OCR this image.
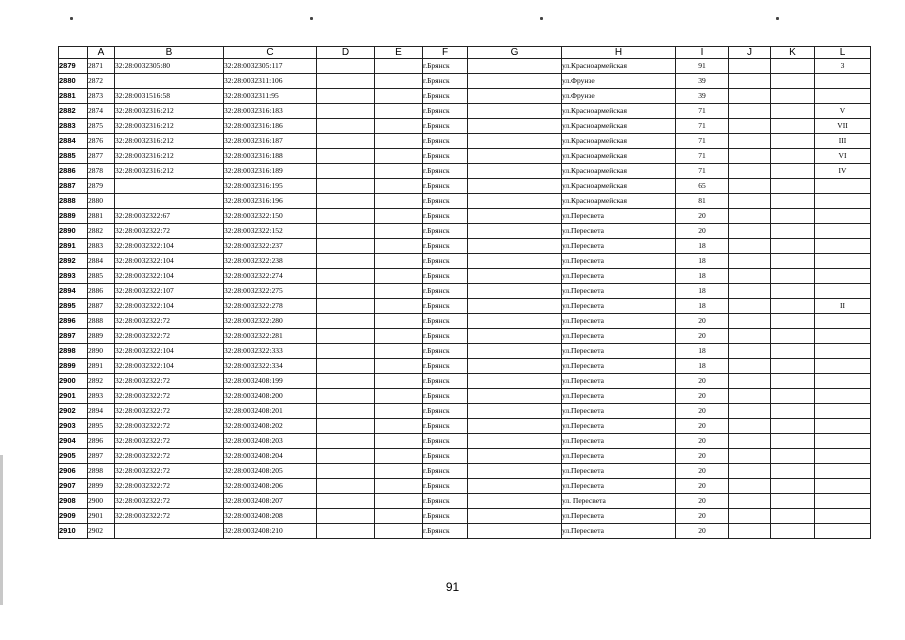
	A	B	C	D	E	F	G	H	I	J	K	L
2879	2871	32:28:0032305:80	32:28:0032305:117			г.Брянск		ул.Красноармейская	91			3
2880	2872		32:28:0032311:106			г.Брянск		ул.Фрунзе	39			
2881	2873	32:28:0031516:58	32:28:0032311:95			г.Брянск		ул.Фрунзе	39			
2882	2874	32:28:0032316:212	32:28:0032316:183			г.Брянск		ул.Красноармейская	71			V
2883	2875	32:28:0032316:212	32:28:0032316:186			г.Брянск		ул.Красноармейская	71			VII
2884	2876	32:28:0032316:212	32:28:0032316:187			г.Брянск		ул.Красноармейская	71			III
2885	2877	32:28:0032316:212	32:28:0032316:188			г.Брянск		ул.Красноармейская	71			VI
2886	2878	32:28:0032316:212	32:28:0032316:189			г.Брянск		ул.Красноармейская	71			IV
2887	2879		32:28:0032316:195			г.Брянск		ул.Красноармейская	65			
2888	2880		32:28:0032316:196			г.Брянск		ул.Красноармейская	81			
2889	2881	32:28:0032322:67	32:28:0032322:150			г.Брянск		ул.Пересвета	20			
2890	2882	32:28:0032322:72	32:28:0032322:152			г.Брянск		ул.Пересвета	20			
2891	2883	32:28:0032322:104	32:28:0032322:237			г.Брянск		ул.Пересвета	18			
2892	2884	32:28:0032322:104	32:28:0032322:238			г.Брянск		ул.Пересвета	18			
2893	2885	32:28:0032322:104	32:28:0032322:274			г.Брянск		ул.Пересвета	18			
2894	2886	32:28:0032322:107	32:28:0032322:275			г.Брянск		ул.Пересвета	18			
2895	2887	32:28:0032322:104	32:28:0032322:278			г.Брянск		ул.Пересвета	18			II
2896	2888	32:28:0032322:72	32:28:0032322:280			г.Брянск		ул.Пересвета	20			
2897	2889	32:28:0032322:72	32:28:0032322:281			г.Брянск		ул.Пересвета	20			
2898	2890	32:28:0032322:104	32:28:0032322:333			г.Брянск		ул.Пересвета	18			
2899	2891	32:28:0032322:104	32:28:0032322:334			г.Брянск		ул.Пересвета	18			
2900	2892	32:28:0032322:72	32:28:0032408:199			г.Брянск		ул.Пересвета	20			
2901	2893	32:28:0032322:72	32:28:0032408:200			г.Брянск		ул.Пересвета	20			
2902	2894	32:28:0032322:72	32:28:0032408:201			г.Брянск		ул.Пересвета	20			
2903	2895	32:28:0032322:72	32:28:0032408:202			г.Брянск		ул.Пересвета	20			
2904	2896	32:28:0032322:72	32:28:0032408:203			г.Брянск		ул.Пересвета	20			
2905	2897	32:28:0032322:72	32:28:0032408:204			г.Брянск		ул.Пересвета	20			
2906	2898	32:28:0032322:72	32:28:0032408:205			г.Брянск		ул.Пересвета	20			
2907	2899	32:28:0032322:72	32:28:0032408:206			г.Брянск		ул.Пересвета	20			
2908	2900	32:28:0032322:72	32:28:0032408:207			г.Брянск		ул. Пересвета	20			
2909	2901	32:28:0032322:72	32:28:0032408:208			г.Брянск		ул.Пересвета	20			
2910	2902		32:28:0032408:210			г.Брянск		ул.Пересвета	20			
91
